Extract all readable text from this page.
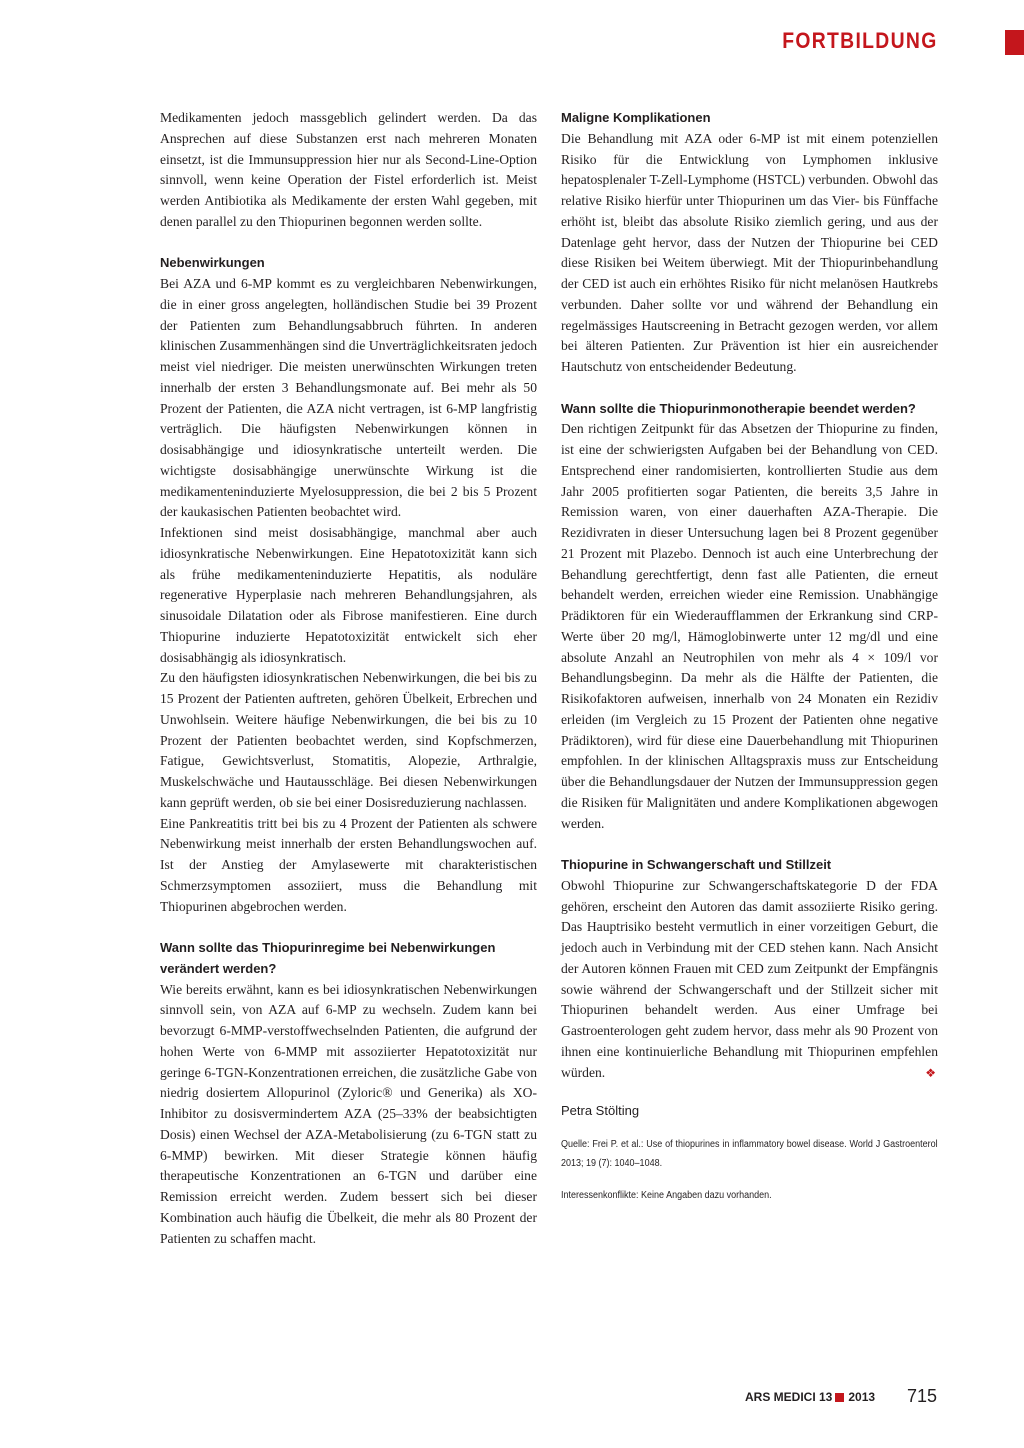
FORTBILDUNG

Medikamenten jedoch massgeblich gelindert werden. Da das Ansprechen auf diese Substanzen erst nach mehreren Monaten einsetzt, ist die Immunsuppression hier nur als Second-Line-Option sinnvoll, wenn keine Operation der Fistel erforderlich ist. Meist werden Antibiotika als Medikamente der ersten Wahl gegeben, mit denen parallel zu den Thiopurinen begonnen werden sollte.

Nebenwirkungen

Bei AZA und 6-MP kommt es zu vergleichbaren Nebenwirkungen, die in einer gross angelegten, holländischen Studie bei 39 Prozent der Patienten zum Behandlungsabbruch führten. In anderen klinischen Zusammenhängen sind die Unverträglichkeitsraten jedoch meist viel niedriger. Die meisten unerwünschten Wirkungen treten innerhalb der ersten 3 Behandlungsmonate auf. Bei mehr als 50 Prozent der Patienten, die AZA nicht vertragen, ist 6-MP langfristig verträglich. Die häufigsten Nebenwirkungen können in dosisabhängige und idiosynkratische unterteilt werden. Die wichtigste dosisabhängige unerwünschte Wirkung ist die medikamenteninduzierte Myelosuppression, die bei 2 bis 5 Prozent der kaukasischen Patienten beobachtet wird.

Infektionen sind meist dosisabhängige, manchmal aber auch idiosynkratische Nebenwirkungen. Eine Hepatotoxizität kann sich als frühe medikamenteninduzierte Hepatitis, als noduläre regenerative Hyperplasie nach mehreren Behandlungsjahren, als sinusoidale Dilatation oder als Fibrose manifestieren. Eine durch Thiopurine induzierte Hepatotoxizität entwickelt sich eher dosisabhängig als idiosynkratisch.

Zu den häufigsten idiosynkratischen Nebenwirkungen, die bei bis zu 15 Prozent der Patienten auftreten, gehören Übelkeit, Erbrechen und Unwohlsein. Weitere häufige Nebenwirkungen, die bei bis zu 10 Prozent der Patienten beobachtet werden, sind Kopfschmerzen, Fatigue, Gewichtsverlust, Stomatitis, Alopezie, Arthralgie, Muskelschwäche und Hautausschläge. Bei diesen Nebenwirkungen kann geprüft werden, ob sie bei einer Dosisreduzierung nachlassen.

Eine Pankreatitis tritt bei bis zu 4 Prozent der Patienten als schwere Nebenwirkung meist innerhalb der ersten Behandlungswochen auf. Ist der Anstieg der Amylasewerte mit charakteristischen Schmerzsymptomen assoziiert, muss die Behandlung mit Thiopurinen abgebrochen werden.

Wann sollte das Thiopurinregime bei Nebenwirkungen verändert werden?

Wie bereits erwähnt, kann es bei idiosynkratischen Nebenwirkungen sinnvoll sein, von AZA auf 6-MP zu wechseln. Zudem kann bei bevorzugt 6-MMP-verstoffwechselnden Patienten, die aufgrund der hohen Werte von 6-MMP mit assoziierter Hepatotoxizität nur geringe 6-TGN-Konzentrationen erreichen, die zusätzliche Gabe von niedrig dosiertem Allopurinol (Zyloric® und Generika) als XO-Inhibitor zu dosisvermindertem AZA (25–33% der beabsichtigten Dosis) einen Wechsel der AZA-Metabolisierung (zu 6-TGN statt zu 6-MMP) bewirken. Mit dieser Strategie können häufig therapeutische Konzentrationen an 6-TGN und darüber eine Remission erreicht werden. Zudem bessert sich bei dieser Kombination auch häufig die Übelkeit, die mehr als 80 Prozent der Patienten zu schaffen macht.

Maligne Komplikationen

Die Behandlung mit AZA oder 6-MP ist mit einem potenziellen Risiko für die Entwicklung von Lymphomen inklusive hepatosplenaler T-Zell-Lymphome (HSTCL) verbunden. Obwohl das relative Risiko hierfür unter Thiopurinen um das Vier- bis Fünffache erhöht ist, bleibt das absolute Risiko ziemlich gering, und aus der Datenlage geht hervor, dass der Nutzen der Thiopurine bei CED diese Risiken bei Weitem überwiegt. Mit der Thiopurinbehandlung der CED ist auch ein erhöhtes Risiko für nicht melanösen Hautkrebs verbunden. Daher sollte vor und während der Behandlung ein regelmässiges Hautscreening in Betracht gezogen werden, vor allem bei älteren Patienten. Zur Prävention ist hier ein ausreichender Hautschutz von entscheidender Bedeutung.

Wann sollte die Thiopurinmonotherapie beendet werden?

Den richtigen Zeitpunkt für das Absetzen der Thiopurine zu finden, ist eine der schwierigsten Aufgaben bei der Behandlung von CED. Entsprechend einer randomisierten, kontrollierten Studie aus dem Jahr 2005 profitierten sogar Patienten, die bereits 3,5 Jahre in Remission waren, von einer dauerhaften AZA-Therapie. Die Rezidivraten in dieser Untersuchung lagen bei 8 Prozent gegenüber 21 Prozent mit Plazebo. Dennoch ist auch eine Unterbrechung der Behandlung gerechtfertigt, denn fast alle Patienten, die erneut behandelt werden, erreichen wieder eine Remission. Unabhängige Prädiktoren für ein Wiederaufflammen der Erkrankung sind CRP-Werte über 20 mg/l, Hämoglobinwerte unter 12 mg/dl und eine absolute Anzahl an Neutrophilen von mehr als 4 × 109/l vor Behandlungsbeginn. Da mehr als die Hälfte der Patienten, die Risikofaktoren aufweisen, innerhalb von 24 Monaten ein Rezidiv erleiden (im Vergleich zu 15 Prozent der Patienten ohne negative Prädiktoren), wird für diese eine Dauerbehandlung mit Thiopurinen empfohlen. In der klinischen Alltagspraxis muss zur Entscheidung über die Behandlungsdauer der Nutzen der Immunsuppression gegen die Risiken für Malignitäten und andere Komplikationen abgewogen werden.

Thiopurine in Schwangerschaft und Stillzeit

Obwohl Thiopurine zur Schwangerschaftskategorie D der FDA gehören, erscheint den Autoren das damit assoziierte Risiko gering. Das Hauptrisiko besteht vermutlich in einer vorzeitigen Geburt, die jedoch auch in Verbindung mit der CED stehen kann. Nach Ansicht der Autoren können Frauen mit CED zum Zeitpunkt der Empfängnis sowie während der Schwangerschaft und der Stillzeit sicher mit Thiopurinen behandelt werden. Aus einer Umfrage bei Gastroenterologen geht zudem hervor, dass mehr als 90 Prozent von ihnen eine kontinuierliche Behandlung mit Thiopurinen empfehlen würden.	❖

Petra Stölting
Quelle: Frei P. et al.: Use of thiopurines in inflammatory bowel disease. World J Gastroenterol 2013; 19 (7): 1040–1048.
Interessenkonflikte: Keine Angaben dazu vorhanden.
ARS MEDICI 13 2013 715
